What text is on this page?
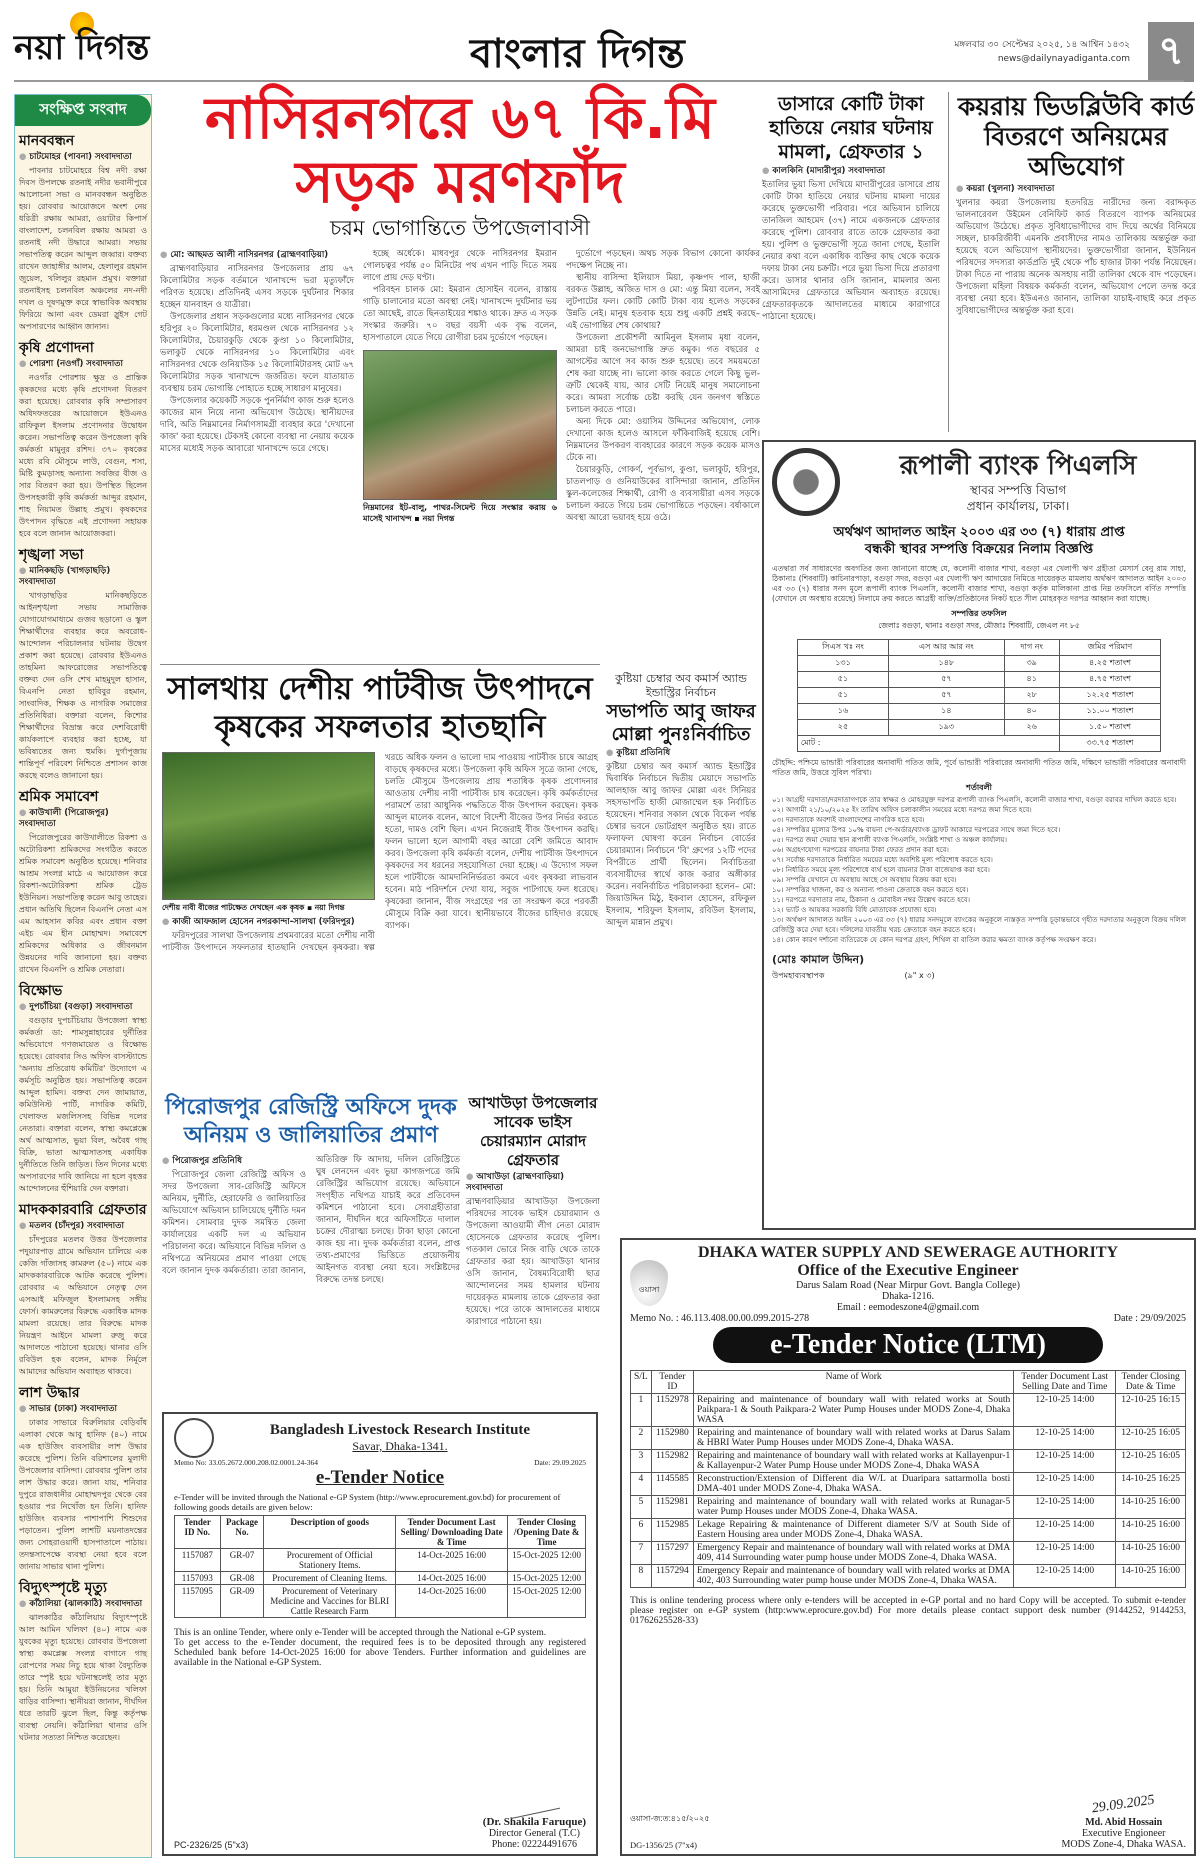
নয়া দিগন্ত	বাংলার দিগন্ত	মঙ্গলবার ৩০ সেপ্টেম্বর ২০২৫, ১৪ আশ্বিন ১৪৩২
news@dailynayadiganta.com ৭
সংক্ষিপ্ত সংবাদ
মানববন্ধন
● চাটমোহর (পাবনা) সংবাদদাতা

পাবনার চাটমোহরে বিশ্ব নদী রক্ষা দিবস উপলক্ষে রতনাই নদীর ভবানীপুরে আলোচনা সভা ও মানববন্ধন অনুষ্ঠিত হয়। রোববার আয়োজনে অংশ নেয় ধরিত্রী রক্ষায় আমরা, ওয়াটার কিপার্স বাংলাদেশ, চলনবিল রক্ষায় আমরা ও রতনাই নদী উদ্ধারে আমরা। সভায় সভাপতিত্ব করেন আব্দুল জব্বার। বক্তব্য রাখেন জাহাঙ্গীর আলম, হেলালুর রহমান জুয়েল, খলিলুর রহমান প্রমুখ। বক্তারা রতনাইসহ চলনবিল অঞ্চলের নদ-নদী দখল ও দূষণমুক্ত করে স্বাভাবিক অবস্থায় ফিরিয়ে আনা এবং ডেমরা স্লুইস গেট অপসারণের আহ্বান জানান।

কৃষি প্রণোদনা
● পোরশা (নওগাঁ) সংবাদদাতা

নওগাঁর পোরশায় ক্ষুদ্র ও প্রান্তিক কৃষকদের মধ্যে কৃষি প্রণোদনা বিতরণ করা হয়েছে। রোববার কৃষি সম্প্রসারণ অধিদফতরের আয়োজনে ইউএনও রাফিকুল ইসলাম প্রণোদনার উদ্বোধন করেন। সভাপতিত্ব করেন উপজেলা কৃষি কর্মকর্তা মামুনুর রশিদ। ৩৭০ কৃষকের মধ্যে রবি মৌসুমে লাউ, বেগুন, শসা, মিষ্টি কুমড়াসহ অন্যান্য সবজির বীজ ও সার বিতরণ করা হয়। উপস্থিত ছিলেন উপসহকারী কৃষি কর্মকর্তা আব্দুর রহমান, শাহ নিয়ামত উল্লাহ প্রমুখ। কৃষকদের উৎপাদন বৃদ্ধিতে এই প্রণোদনা সহায়ক হবে বলে জানান আয়োজকরা।

শৃঙ্খলা সভা
● মানিকছড়ি (খাগড়াছড়ি) সংবাদদাতা

খাগড়াছড়ির মানিকছড়িতে আইনশৃঙ্খলা সভায় সামাজিক যোগাযোগমাধ্যমে গুজব ছড়ানো ও স্কুল শিক্ষার্থীদের ব্যবহার করে অবরোধ-আন্দোলন পরিচালনার ঘটনায় উদ্বেগ প্রকাশ করা হয়েছে। রোববার ইউএনও তাহমিনা আফরোজের সভাপতিত্বে বক্তব্য দেন ওসি শেখ মাহমুদুল হাসান, বিএনপি নেতা হাবিবুর রহমান, সাংবাদিক, শিক্ষক ও নাগরিক সমাজের প্রতিনিধিরা। বক্তারা বলেন, কিশোর শিক্ষার্থীদের বিভ্রান্ত করে দেশবিরোধী কার্যকলাপে ব্যবহার করা হচ্ছে, যা ভবিষ্যতের জন্য হুমকি। দুর্গাপূজায় শান্তিপূর্ণ পরিবেশ নিশ্চিতে প্রশাসন কাজ করছে বলেও জানানো হয়।

শ্রমিক সমাবেশ
● কাউখালী (পিরোজপুর) সংবাদদাতা

পিরোজপুরের কাউখালীতে রিকশা ও অটোরিকশা শ্রমিকদের সংগঠিত করতে শ্রমিক সমাবেশ অনুষ্ঠিত হয়েছে। শনিবার আশ্রম সংলগ্ন মাঠে এ আয়োজন করে রিকশা-অটোরিকশা শ্রমিক ট্রেড ইউনিয়ন। সভাপতিত্ব করেন আবু তাহের। প্রধান অতিথি ছিলেন বিএনপি নেতা এস এম আহসান কবির এবং প্রধান বক্তা এইচ এম হীন মোহাম্মদ। সমাবেশে শ্রমিকদের অধিকার ও জীবনমান উন্নয়নের দাবি জানানো হয়। বক্তব্য রাখেন বিএনপি ও শ্রমিক নেতারা।

বিক্ষোভ
● দুপচাঁচিয়া (বগুড়া) সংবাদদাতা

বগুড়ার দুপচাঁচিয়ায় উপজেলা স্বাস্থ্য কর্মকর্তা ডা: শামসুন্নাহারের দুর্নীতির অভিযোগে গণজমায়েত ও বিক্ষোভ হয়েছে। রোববার সিও অফিস বাসস্ট্যান্ডে 'অন্যায় প্রতিরোধ কমিটির' উদ্যোগে এ কর্মসূচি অনুষ্ঠিত হয়। সভাপতিত্ব করেন আব্দুল হামিদ। বক্তব্য দেন জামায়াত, কমিউনিস্ট পার্টি, নাগরিক কমিটি, খেলাফত মজলিসসহ বিভিন্ন দলের নেতারা। বক্তারা বলেন, স্বাস্থ্য কমপ্লেক্সে অর্থ আত্মসাত, ভুয়া বিল, অবৈধ গাছ বিক্রি, ভাতা আত্মসাতসহ একাধিক দুর্নীতিতে তিনি জড়িত। তিন দিনের মধ্যে অপসারণের দাবি জানিয়ে না হলে বৃহত্তর আন্দোলনের হুঁশিয়ারি দেন বক্তারা।

মাদককারবারি গ্রেফতার
● মতলব (চাঁদপুর) সংবাদদাতা

চাঁদপুরের মতলব উত্তর উপজেলার পদুয়ারপাড় গ্রামে অভিযান চালিয়ে এক কেজি গাঁজাসহ কামরুল (৫০) নামে এক মাদককারবারিকে আটক করেছে পুলিশ। রোববার এ অভিযানে নেতৃত্ব দেন এসআই মফিজুল ইসলামসহ সঙ্গীয় ফোর্স। কামরুলের বিরুদ্ধে একাধিক মাদক মামলা রয়েছে। তার বিরুদ্ধে মাদক নিয়ন্ত্রণ আইনে মামলা রুজু করে আদালতে পাঠানো হয়েছে। থানার ওসি রবিউল হক বলেন, মাদক নির্মূলে আমাদের অভিযান অব্যাহত থাকবে।

লাশ উদ্ধার
● সাভার (ঢাকা) সংবাদদাতা

ঢাকার সাভারে বিরুলিয়ার বেড়িবাঁধ এলাকা থেকে আবু হানিফ (৪০) নামে এক হাউজিং ব্যবসায়ীর লাশ উদ্ধার করেছে পুলিশ। তিনি বরিশালের মুলাদী উপজেলার বাসিন্দা। রোববার পুলিশ তার লাশ উদ্ধার করে। জানা যায়, শনিবার দুপুরে রাজধানীর মোহাম্মদপুর থেকে বের হওয়ার পর নিখোঁজ হন তিনি। হানিফ হাউজিং ব্যবসার পাশাপাশি শিশুদের পড়াতেন। পুলিশ লাশটি ময়নাতদন্তের জন্য সোহরাওয়ার্দী হাসপাতালে পাঠায়। তদন্তসাপেক্ষে ব্যবস্থা নেয়া হবে বলে জানায় সাভার থানা পুলিশ।

বিদ্যুৎস্পৃষ্টে মৃত্যু
● কাঁঠালিয়া (ঝালকাঠি) সংবাদদাতা

ঝালকাঠির কাঁঠালিয়ায় বিদ্যুৎস্পৃষ্টে আল আমিন খলিফা (৪০) নামে এক যুবকের মৃত্যু হয়েছে। রোববার উপজেলা স্বাস্থ্য কমপ্লেক্স সংলগ্ন বাগানে গাছ রোপণের সময় নিচু হয়ে থাকা বৈদ্যুতিক তারে স্পৃষ্ট হয়ে ঘটনাস্থলেই তার মৃত্যু হয়। তিনি আমুয়া ইউনিয়নের খলিফা বাড়ির বাসিন্দা। স্থানীয়রা জানান, দীর্ঘদিন ধরে তারটি ঝুলে ছিল, কিন্তু কর্তৃপক্ষ ব্যবস্থা নেয়নি। কাঁঠালিয়া থানার ওসি ঘটনার সত্যতা নিশ্চিত করেছেন।

নাসিরনগরে ৬৭ কি.মি
সড়ক মরণফাঁদ
চরম ভোগান্তিতে উপজেলাবাসী
● মো: আছমত আলী নাসিরনগর (ব্রাহ্মণবাড়িয়া)

ব্রাহ্মণবাড়িয়ার নাসিরনগর উপজেলার প্রায় ৬৭ কিলোমিটার সড়ক বর্তমানে খানাখন্দে ভরা মৃত্যুফাঁদে পরিণত হয়েছে। প্রতিদিনই এসব সড়কে দুর্ঘটনার শিকার হচ্ছেন যানবাহন ও যাত্রীরা।

উপজেলার প্রধান সড়কগুলোর মধ্যে নাসিরনগর থেকে হরিপুর ২০ কিলোমিটার, ধরমণ্ডল থেকে নাসিরনগর ১২ কিলোমিটার, চৈয়ারকুড়ি থেকে কুণ্ডা ১০ কিলোমিটার, ভলাকুট থেকে নাসিরনগর ১০ কিলোমিটার এবং নাসিরনগর থেকে গুনিয়াউক ১৫ কিলোমিটারসহ মোট ৬৭ কিলোমিটার সড়ক খানাখন্দে জর্জরিত। ফলে যাতায়াত ব্যবস্থায় চরম ভোগান্তি পোহাতে হচ্ছে সাধারণ মানুষের।

উপজেলার কয়েকটি সড়কে পুনর্নির্মাণ কাজ শুরু হলেও কাজের মান নিয়ে নানা অভিযোগ উঠেছে। স্থানীয়দের দাবি, অতি নিম্নমানের নির্মাণসামগ্রী ব্যবহার করে 'দেখানো কাজ' করা হয়েছে। টেকসই কোনো ব্যবস্থা না নেয়ায় কয়েক মাসের মধ্যেই সড়ক আবারো খানাখন্দে ভরে গেছে।

হচ্ছে অর্ধেকে। মাধবপুর থেকে নাসিরনগর ইমরান গোলচত্বর পর্যন্ত ৫০ মিনিটের পথ এখন পাড়ি দিতে সময় লাগে প্রায় দেড় ঘণ্টা।

পরিবহন চালক মো: ইমরান হোসাইন বলেন, রাস্তায় গাড়ি চালানোর মতো অবস্থা নেই। খানাখন্দে দুর্ঘটনার ভয় তো আছেই, রাতে ছিনতাইয়ের শঙ্কাও থাকে। দ্রুত এ সড়ক সংস্কার জরুরি। ৭০ বছর বয়সী এক বৃদ্ধ বলেন, হাসপাতালে যেতে গিয়ে রোগীরা চরম দুর্ভোগে পড়ছেন।

নিম্নমানের ইট-বালু, পাথর-সিমেন্ট দিয়ে সংস্কার করায় ৬ মাসেই খানাখন্দ ▪ নয়া দিগন্ত

দুর্ভোগে পড়ছেন। অথচ সড়ক বিভাগ কোনো কার্যকর পদক্ষেপ নিচ্ছে না।

স্থানীয় বাসিন্দা ইলিয়াস মিয়া, কৃষ্ণপদ পাল, হাজী বরকত উল্লাহ, অজিত দাস ও মো: এন্তু মিয়া বলেন, সবই লুটপাটের ফল। কোটি কোটি টাকা ব্যয় হলেও সড়কের উন্নতি নেই। মানুষ হতবাক হয়ে শুধু একটি প্রশ্নই করছে– এই ভোগান্তির শেষ কোথায়?

উপজেলা প্রকৌশলী আমিনুল ইসলাম মৃধা বলেন, আমরা চাই জনভোগান্তি দ্রুত কমুক। গত বছরের ৫ আগস্টের আগে সব কাজ শুরু হয়েছে। তবে সময়মতো শেষ করা যাচ্ছে না। ভালো কাজ করতে গেলে কিছু ভুল-ত্রুটি থেকেই যায়, আর সেটি নিয়েই মানুষ সমালোচনা করে। আমরা সর্বোচ্চ চেষ্টা করছি যেন জনগণ স্বস্তিতে চলাচল করতে পারে।

অন্য দিকে মো: ওয়াসিম উদ্দিনের অভিযোগ, লোক দেখানো কাজ হলেও আসলে ফাঁকিবাজিই হয়েছে বেশি। নিম্নমানের উপকরণ ব্যবহারের কারণে সড়ক কয়েক মাসও টেকে না।

চৈয়ারকুড়ি, গোকর্ণ, পূর্বভাগ, কুণ্ডা, ভলাকুট, হরিপুর, চাতলপাড় ও গুনিয়াউকের বাসিন্দারা জানান, প্রতিদিন স্কুল-কলেজের শিক্ষার্থী, রোগী ও ব্যবসায়ীরা এসব সড়কে চলাচল করতে গিয়ে চরম ভোগান্তিতে পড়ছেন। বর্ষাকালে অবস্থা আরো ভয়াবহ হয়ে ওঠে।

ডাসারে কোটি টাকা হাতিয়ে নেয়ার ঘটনায় মামলা, গ্রেফতার ১
● কালকিনি (মাদারীপুর) সংবাদদাতা
ইতালির ভুয়া ভিসা দেখিয়ে মাদারীপুরের ডাসারে প্রায় কোটি টাকা হাতিয়ে নেয়ার ঘটনায় মামলা দায়ের করেছে ভুক্তভোগী পরিবার। পরে অভিযান চালিয়ে তানজিল আহমেদ (৩৭) নামে একজনকে গ্রেফতার করেছে পুলিশ। রোববার রাতে তাকে গ্রেফতার করা হয়। পুলিশ ও ভুক্তভোগী সূত্রে জানা গেছে, ইতালি নেয়ার কথা বলে একাধিক ব্যক্তির কাছ থেকে কয়েক দফায় টাকা নেয় চক্রটি। পরে ভুয়া ভিসা দিয়ে প্রতারণা করে। ডাসার থানার ওসি জানান, মামলার অন্য আসামিদের গ্রেফতারে অভিযান অব্যাহত রয়েছে। গ্রেফতারকৃতকে আদালতের মাধ্যমে কারাগারে পাঠানো হয়েছে।
কয়রায় ভিডব্লিউবি কার্ড বিতরণে অনিয়মের অভিযোগ
● কয়রা (খুলনা) সংবাদদাতা
খুলনার কয়রা উপজেলায় হতদরিদ্র নারীদের জন্য বরাদ্দকৃত ভালনারেবল উইমেন বেনিফিট কার্ড বিতরণে ব্যাপক অনিয়মের অভিযোগ উঠেছে। প্রকৃত সুবিধাভোগীদের বাদ দিয়ে অর্থের বিনিময়ে সচ্ছল, চাকরিজীবী এমনকি প্রবাসীদের নামও তালিকায় অন্তর্ভুক্ত করা হয়েছে বলে অভিযোগ স্থানীয়দের। ভুক্তভোগীরা জানান, ইউনিয়ন পরিষদের সদস্যরা কার্ডপ্রতি দুই থেকে পাঁচ হাজার টাকা পর্যন্ত নিয়েছেন। টাকা দিতে না পারায় অনেক অসহায় নারী তালিকা থেকে বাদ পড়েছেন। উপজেলা মহিলা বিষয়ক কর্মকর্তা বলেন, অভিযোগ পেলে তদন্ত করে ব্যবস্থা নেয়া হবে। ইউএনও জানান, তালিকা যাচাই-বাছাই করে প্রকৃত সুবিধাভোগীদের অন্তর্ভুক্ত করা হবে।
রূপালী ব্যাংক পিএলসি
স্থাবর সম্পত্তি বিভাগ
প্রধান কার্যালয়, ঢাকা।
অর্থঋণ আদালত আইন ২০০৩ এর ৩৩ (৭) ধারায় প্রাপ্ত
বন্ধকী স্থাবর সম্পত্তি বিক্রয়ের নিলাম বিজ্ঞপ্তি
এতদ্বারা সর্ব সাধারণের অবগতির জন্য জানানো যাচ্ছে যে, কলোনী বাজার শাখা, বগুড়া এর খেলাপী ঋণ গ্রহীতা মেসার্স বেনু রাম সাহা, ঠিকানাঃ (শিববাটি) কাচিনারপাড়া, বগুড়া সদর, বগুড়া এর খেলাপী ঋণ আদায়ের নিমিত্তে দায়েরকৃত মামলায় অর্থঋণ আদালত আইন ২০০৩ এর ৩৩ (৭) ধারার সনদ মূলে রূপালী ব্যাংক পিএলসি, কলোনী বাজার শাখা, বগুড়া কর্তৃক মালিকানা প্রাপ্ত নিম্ন তফসিলে বর্ণিত সম্পত্তি (যেখানে যে অবস্থায় রয়েছে) নিলামে ক্রয় করতে আগ্রহী ব্যক্তি/প্রতিষ্ঠানের নিকট হতে সীল মোহরকৃত দরপত্র আহ্বান করা যাচ্ছে।
সম্পত্তির তফসিল
জেলাঃ বগুড়া, থানাঃ বগুড়া সদর, মৌজাঃ শিববাটি, জেএল নং ৮৫
সিএস খঃ নং	এস আর আর নং	দাগ নং	জমির পরিমাণ
১৩১	১৪৮	৩৯	৪.২৫ শতাংশ
৫১	৫৭	৪১	৪.৭৫ শতাংশ
৫১	৫৭	২৮	১২.২৫ শতাংশ
১৬	১৪	৪০	১১.০০ শতাংশ
২৫	১৯৩	২৬	১.৫০ শতাংশ
মোট :			৩৩.৭৫ শতাংশ
চৌহদ্দি: পশ্চিমে ভান্ডারী পরিবারের অনাবাদী পতিত জমি, পূর্বে ভান্ডারী পরিবারের অনাবাদী পতিত জমি, দক্ষিণে ভান্ডারী পরিবারের অনাবাদী পতিত জমি, উত্তরে সুবিল পরিখা।
শর্তাবলী
০১। আগ্রহী দরদাতা/দরদাতাগণকে তার স্বাক্ষর ও মোহরযুক্ত দরপত্র রূপালী ব্যাংক পিএলসি, কলোনী বাজার শাখা, বগুড়া বরাবর দাখিল করতে হবে।
০২। আগামী ২১/১০/২০২৫ ইং তারিখ অফিস চলাকালীন সময়ের মধ্যে দরপত্র জমা দিতে হবে।
০৩। দরদাতাকে অবশ্যই বাংলাদেশের নাগরিক হতে হবে।
০৪। সম্পত্তির মূল্যের উপর ১০% বায়না পে-অর্ডার/ব্যাংক ড্রাফট আকারে দরপত্রের সাথে জমা দিতে হবে।
০৫। দরপত্র জমা দেয়ার স্থান রূপালী ব্যাংক পিএলসি, সংশ্লিষ্ট শাখা ও অঞ্চল কার্যালয়।
০৬। অগ্রহণযোগ্য দরপত্রের বায়নার টাকা ফেরত প্রদান করা হবে।
০৭। সর্বোচ্চ দরদাতাকে নির্ধারিত সময়ের মধ্যে অবশিষ্ট মূল্য পরিশোধ করতে হবে।
০৮। নির্ধারিত সময়ে মূল্য পরিশোধে ব্যর্থ হলে বায়নার টাকা বাজেয়াপ্ত করা হবে।
০৯। সম্পত্তি যেখানে যে অবস্থায় আছে সে অবস্থায় বিক্রয় করা হবে।
১০। সম্পত্তির খাজনা, কর ও অন্যান্য পাওনা ক্রেতাকে বহন করতে হবে।
১১। দরপত্রে দরদাতার নাম, ঠিকানা ও মোবাইল নম্বর উল্লেখ করতে হবে।
১২। ভ্যাট ও আয়কর সরকারি বিধি মোতাবেক প্রযোজ্য হবে।
১৩। অর্থঋণ আদালত আইন ২০০৩ এর ৩৩ (৭) ধারার সনদমূলে ব্যাংকের অনুকূলে ন্যস্তকৃত সম্পত্তি চূড়ান্তভাবে গৃহীত দরদাতার অনুকূলে বিক্রয় দলিল রেজিস্ট্রি করে দেয়া হবে। দলিলের যাবতীয় খরচ ক্রেতাকে বহন করতে হবে।
১৪। কোন কারণ দর্শানো ব্যতিরেকে যে কোন দরপত্র গ্রহণ, শিথিল বা বাতিল করার ক্ষমতা ব্যাংক কর্তৃপক্ষ সংরক্ষণ করে।
(মোঃ কামাল উদ্দিন)
উপমহাব্যবস্থাপক	(৯" x ৩)
সালথায় দেশীয় পাটবীজ উৎপাদনে
কৃষকের সফলতার হাতছানি
দেশীয় নাবী বীজের পাটক্ষেত দেখছেন এক কৃষক ▪ নয়া দিগন্ত
● কাজী আফজাল হোসেন নগরকান্দা-সালথা (ফরিদপুর)

ফরিদপুরের সালথা উপজেলায় প্রথমবারের মতো দেশীয় নাবী পাটবীজ উৎপাদনে সফলতার হাতছানি দেখছেন কৃষকরা। স্বল্প খরচে অধিক ফলন ও ভালো দাম পাওয়ায় পাটবীজ চাষে আগ্রহ বাড়ছে কৃষকদের মধ্যে। উপজেলা কৃষি অফিস সূত্রে জানা গেছে, চলতি মৌসুমে উপজেলায় প্রায় শতাধিক কৃষক প্রণোদনার আওতায় দেশীয় নাবী পাটবীজ চাষ করেছেন। কৃষি কর্মকর্তাদের পরামর্শে তারা আধুনিক পদ্ধতিতে বীজ উৎপাদন করছেন। কৃষক আব্দুল মালেক বলেন, আগে বিদেশী বীজের উপর নির্ভর করতে হতো, দামও বেশি ছিল। এখন নিজেরাই বীজ উৎপাদন করছি। ফলন ভালো হলে আগামী বছর আরো বেশি জমিতে আবাদ করব। উপজেলা কৃষি কর্মকর্তা বলেন, দেশীয় পাটবীজ উৎপাদনে কৃষকদের সব ধরনের সহযোগিতা দেয়া হচ্ছে। এ উদ্যোগ সফল হলে পাটবীজে আমদানিনির্ভরতা কমবে এবং কৃষকরা লাভবান হবেন। মাঠ পরিদর্শনে দেখা যায়, সবুজ পাটগাছে ফল ধরেছে। কৃষকেরা জানান, বীজ সংগ্রহের পর তা সংরক্ষণ করে পরবর্তী মৌসুমে বিক্রি করা যাবে। স্থানীয়ভাবে বীজের চাহিদাও রয়েছে ব্যাপক।

কুষ্টিয়া চেম্বার অব কমার্স অ্যান্ড ইন্ডাস্ট্রির নির্বাচন
সভাপতি আবু জাফর মোল্লা পুনঃনির্বাচিত
● কুষ্টিয়া প্রতিনিধি
কুষ্টিয়া চেম্বার অব কমার্স অ্যান্ড ইন্ডাস্ট্রির দ্বিবার্ষিক নির্বাচনে দ্বিতীয় মেয়াদে সভাপতি আলহাজ আবু জাফর মোল্লা এবং সিনিয়র সহসভাপতি হাজী মোজাম্মেল হক নির্বাচিত হয়েছেন। শনিবার সকাল থেকে বিকেল পর্যন্ত চেম্বার ভবনে ভোটগ্রহণ অনুষ্ঠিত হয়। রাতে ফলাফল ঘোষণা করেন নির্বাচন বোর্ডের চেয়ারম্যান। নির্বাচনে 'বি' গ্রুপের ১২টি পদের বিপরীতে প্রার্থী ছিলেন। নির্বাচিতরা ব্যবসায়ীদের স্বার্থে কাজ করার অঙ্গীকার করেন। নবনির্বাচিত পরিচালকরা হলেন– মো: জিয়াউদ্দিন মিঠু, ইকবাল হোসেন, রফিকুল ইসলাম, শরিফুল ইসলাম, রবিউল ইসলাম, আব্দুল মান্নান প্রমুখ।
পিরোজপুর রেজিস্ট্রি অফিসে দুদক
অনিয়ম ও জালিয়াতির প্রমাণ
● পিরোজপুর প্রতিনিধি

পিরোজপুর জেলা রেজিস্ট্রি অফিস ও সদর উপজেলা সাব-রেজিস্ট্রি অফিসে অনিয়ম, দুর্নীতি, হেরাফেরি ও জালিয়াতির অভিযোগে অভিযান চালিয়েছে দুর্নীতি দমন কমিশন। সোমবার দুদক সমন্বিত জেলা কার্যালয়ের একটি দল এ অভিযান পরিচালনা করে। অভিযানে বিভিন্ন দলিল ও নথিপত্রে অনিয়মের প্রমাণ পাওয়া গেছে বলে জানান দুদক কর্মকর্তারা। তারা জানান, অতিরিক্ত ফি আদায়, দলিল রেজিস্ট্রিতে ঘুষ লেনদেন এবং ভুয়া কাগজপত্রে জমি রেজিস্ট্রির অভিযোগ রয়েছে। অভিযানে সংগৃহীত নথিপত্র যাচাই করে প্রতিবেদন কমিশনে পাঠানো হবে। সেবাগ্রহীতারা জানান, দীর্ঘদিন ধরে অফিসটিতে দালাল চক্রের দৌরাত্ম্য চলছে। টাকা ছাড়া কোনো কাজ হয় না। দুদক কর্মকর্তারা বলেন, প্রাপ্ত তথ্য-প্রমাণের ভিত্তিতে প্রয়োজনীয় আইনগত ব্যবস্থা নেয়া হবে। সংশ্লিষ্টদের বিরুদ্ধে তদন্ত চলছে।

আখাউড়া উপজেলার সাবেক ভাইস চেয়ারম্যান মোরাদ গ্রেফতার
● আখাউড়া (ব্রাহ্মণবাড়িয়া) সংবাদদাতা
ব্রাহ্মণবাড়িয়ার আখাউড়া উপজেলা পরিষদের সাবেক ভাইস চেয়ারম্যান ও উপজেলা আওয়ামী লীগ নেতা মোরাদ হোসেনকে গ্রেফতার করেছে পুলিশ। গতকাল ভোরে নিজ বাড়ি থেকে তাকে গ্রেফতার করা হয়। আখাউড়া থানার ওসি জানান, বৈষম্যবিরোধী ছাত্র আন্দোলনের সময় হামলার ঘটনায় দায়েরকৃত মামলায় তাকে গ্রেফতার করা হয়েছে। পরে তাকে আদালতের মাধ্যমে কারাগারে পাঠানো হয়।
Bangladesh Livestock Research Institute
Savar, Dhaka-1341.
Memo No: 33.05.2672.000.208.02.0001.24-364	Date: 29.09.2025
e-Tender Notice
e-Tender will be invited through the National e-GP System (http://www.eprocurement.gov.bd) for procurement of following goods details are given below:
Tender ID No.	Package No.	Description of goods	Tender Document Last Selling/ Downloading Date & Time	Tender Closing /Opening Date & Time
1157087	GR-07	Procurement of Official Stationery Items.	14-Oct-2025 16:00	15-Oct-2025 12:00
1157093	GR-08	Procurement of Cleaning Items.	14-Oct-2025 16:00	15-Oct-2025 12:00
1157095	GR-09	Procurement of Veterinary Medicine and Vaccines for BLRI Cattle Research Farm	14-Oct-2025 16:00	15-Oct-2025 12:00
This is an online Tender, where only e-Tender will be accepted through the National e-GP system.
To get access to the e-Tender document, the required fees is to be deposited through any registered Scheduled bank before 14-Oct-2025 16:00 for above Tenders. Further information and guidelines are available in the National e-GP System.
PC-2326/25 (5"x3)
(Dr. Shakila Faruque)
Director General (T.C)
Phone: 02224491676
ওয়াসা
DHAKA WATER SUPPLY AND SEWERAGE AUTHORITY
Office of the Executive Engineer
Darus Salam Road (Near Mirpur Govt. Bangla College)
Dhaka-1216.
Email : eemodeszone4@gmail.com
Memo No. : 46.113.408.00.00.099.2015-278	Date : 29/09/2025
e-Tender Notice (LTM)
S/L	Tender ID	Name of Work	Tender Document Last Selling Date and Time	Tender Closing Date & Time
1	1152978	Repairing and maintenance of boundary wall with related works at South Paikpara-1 & South Paikpara-2 Water Pump Houses under MODS Zone-4, Dhaka WASA	12-10-25 14:00	12-10-25 16:15
2	1152980	Repairing and maintenance of boundary wall with related works at Darus Salam & HBRI Water Pump Houses under MODS Zone-4, Dhaka WASA.	12-10-25 14:00	12-10-25 16:05
3	1152982	Repairing and maintenance of boundary wall with related works at Kallayenpur-1 & Kallayenpur-2 Water Pump House under MODS Zone-4, Dhaka WASA	12-10-25 14:00	12-10-25 16:05
4	1145585	Reconstruction/Extension of Different dia W/L at Duaripara sattarmolla bosti DMA-401 under MODS Zone-4, Dhaka WASA.	12-10-25 14:00	14-10-25 16:25
5	1152981	Repairing and maintenance of boundary wall with related works at Runagar-5 water Pump Houses under MODS Zone-4, Dhaka WASA.	12-10-25 14:00	14-10-25 16:00
6	1152985	Lekage Repairing & maintenance of Different diameter S/V at South Side of Eastern Housing area under MODS Zone-4, Dhaka WASA.	12-10-25 14:00	14-10-25 16:00
7	1157297	Emergency Repair and maintenance of boundary wall with related works at DMA 409, 414 Surrounding water pump house under MODS Zone-4, Dhaka WASA.	12-10-25 14:00	14-10-25 16:00
8	1157294	Emergency Repair and maintenance of boundary wall with related works at DMA 402, 403 Surrounding water pump house under MODS Zone-4, Dhaka WASA.	12-10-25 14:00	14-10-25 16:00
This is online tendering process where only e-tenders will be accepted in e-GP portal and no hard Copy will be accepted. To submit e-tender please register on e-GP system (http:www.eprocure.gov.bd) For more details please contact support desk number (9144252, 9144253, 01762625528-33)
ওয়াসা-জ:ত:৪১৫/২০২৫
DG-1356/25 (7"x4)
29.09.2025
Md. Abid Hossain
Executive Engioneer
MODS Zone-4, Dhaka WASA.
